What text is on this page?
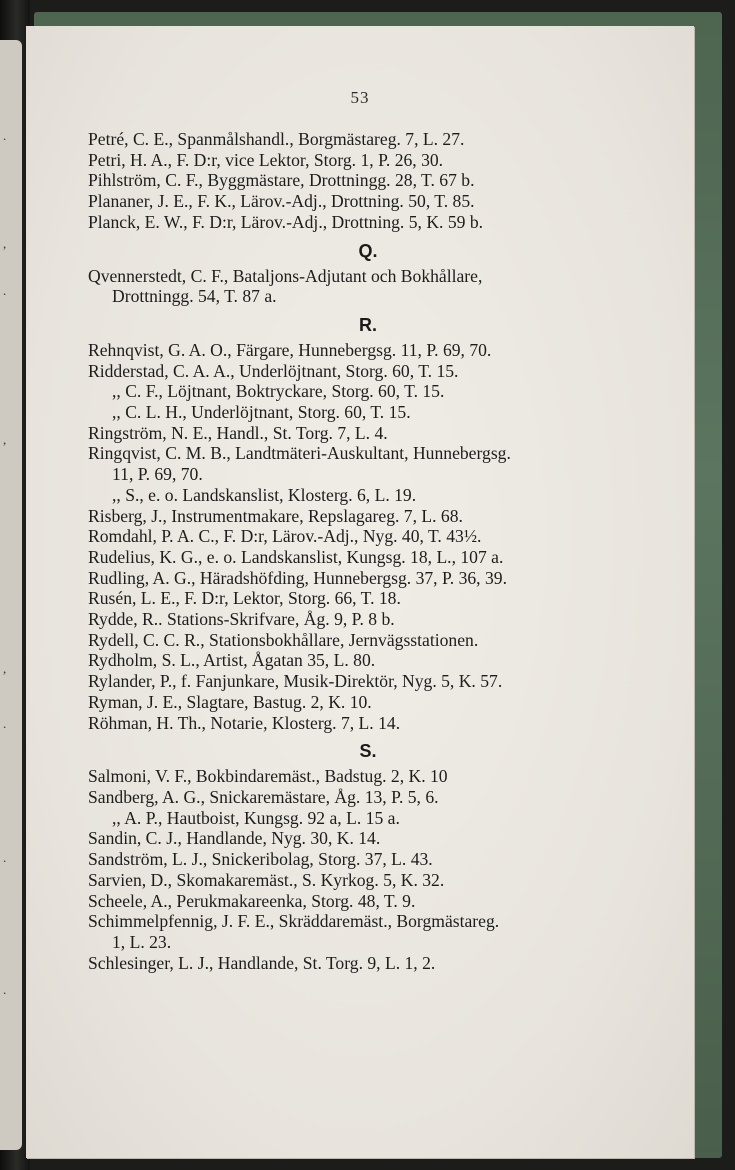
.
,
.
,
,
.
.
.
53
Petré, C. E., Spanmålshandl., Borgmästareg. 7, L. 27.
Petri, H. A., F. D:r, vice Lektor, Storg. 1, P. 26, 30.
Pihlström, C. F., Byggmästare, Drottningg. 28, T. 67 b.
Plananer, J. E., F. K., Lärov.-Adj., Drottning. 50, T. 85.
Planck, E. W., F. D:r, Lärov.-Adj., Drottning. 5, K. 59 b.
Q.
Qvennerstedt, C. F., Bataljons-Adjutant och Bokhållare,
Drottningg. 54, T. 87 a.
R.
Rehnqvist, G. A. O., Färgare, Hunnebergsg. 11, P. 69, 70.
Ridderstad, C. A. A., Underlöjtnant, Storg. 60, T. 15.
,, C. F., Löjtnant, Boktryckare, Storg. 60, T. 15.
,, C. L. H., Underlöjtnant, Storg. 60, T. 15.
Ringström, N. E., Handl., St. Torg. 7, L. 4.
Ringqvist, C. M. B., Landtmäteri-Auskultant, Hunnebergsg.
11, P. 69, 70.
,, S., e. o. Landskanslist, Klosterg. 6, L. 19.
Risberg, J., Instrumentmakare, Repslagareg. 7, L. 68.
Romdahl, P. A. C., F. D:r, Lärov.-Adj., Nyg. 40, T. 43½.
Rudelius, K. G., e. o. Landskanslist, Kungsg. 18, L., 107 a.
Rudling, A. G., Häradshöfding, Hunnebergsg. 37, P. 36, 39.
Rusén, L. E., F. D:r, Lektor, Storg. 66, T. 18.
Rydde, R.. Stations-Skrifvare, Åg. 9, P. 8 b.
Rydell, C. C. R., Stationsbokhållare, Jernvägsstationen.
Rydholm, S. L., Artist, Ågatan 35, L. 80.
Rylander, P., f. Fanjunkare, Musik-Direktör, Nyg. 5, K. 57.
Ryman, J. E., Slagtare, Bastug. 2, K. 10.
Röhman, H. Th., Notarie, Klosterg. 7, L. 14.
S.
Salmoni, V. F., Bokbindaremäst., Badstug. 2, K. 10
Sandberg, A. G., Snickaremästare, Åg. 13, P. 5, 6.
,, A. P., Hautboist, Kungsg. 92 a, L. 15 a.
Sandin, C. J., Handlande, Nyg. 30, K. 14.
Sandström, L. J., Snickeribolag, Storg. 37, L. 43.
Sarvien, D., Skomakaremäst., S. Kyrkog. 5, K. 32.
Scheele, A., Perukmakareenka, Storg. 48, T. 9.
Schimmelpfennig, J. F. E., Skräddaremäst., Borgmästareg.
1, L. 23.
Schlesinger, L. J., Handlande, St. Torg. 9, L. 1, 2.
